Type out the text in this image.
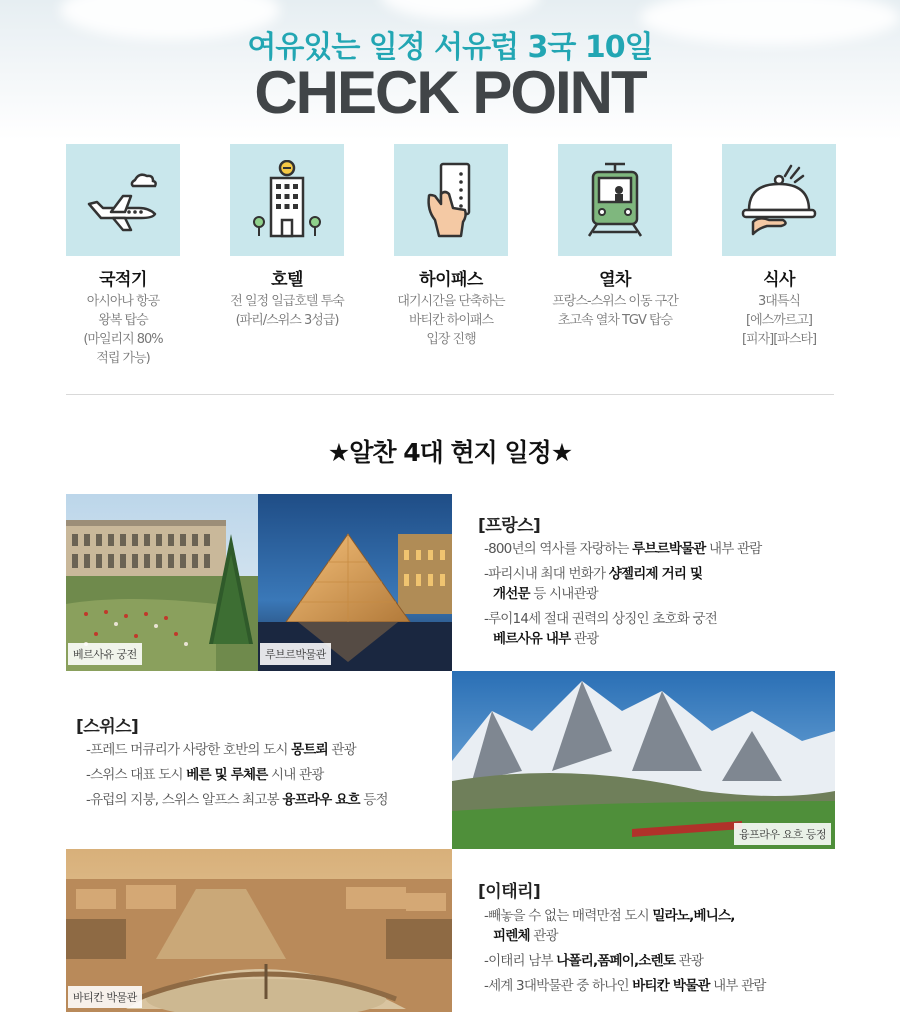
여유있는 일정 서유럽 3국 10일
CHECK POINT
국적기
아시아나 항공
왕복 탑승
(마일리지 80%
적립 가능)
호텔
전 일정 일급호텔 투숙
(파리/스위스 3성급)
하이패스
대기시간을 단축하는
바티칸 하이패스
입장 진행
열차
프랑스-스위스 이동 구간
초고속 열차 TGV 탑승
식사
3대특식
[에스까르고]
[피자][파스타]
★알찬 4대 현지 일정★
베르사유 궁전	루브르박물관
[프랑스]
-800년의 역사를 자랑하는 루브르박물관 내부 관람
-파리시내 최대 번화가 샹젤리제 거리 및
개선문 등 시내관광
-루이14세 절대 권력의 상징인 초호화 궁전
베르사유 내부 관광
[스위스]
-프레드 머큐리가 사랑한 호반의 도시 몽트뢰 관광
-스위스 대표 도시 베른 및 루체른 시내 관광
-유럽의 지붕, 스위스 알프스 최고봉 융프라우 요흐 등정
융프라우 요흐 등정
바티칸 박물관
[이태리]
-빼놓을 수 없는 매력만점 도시 밀라노,베니스,
피렌체 관광
-이태리 남부 나폴리,폼페이,소렌토 관광
-세계 3대박물관 중 하나인 바티칸 박물관 내부 관람
